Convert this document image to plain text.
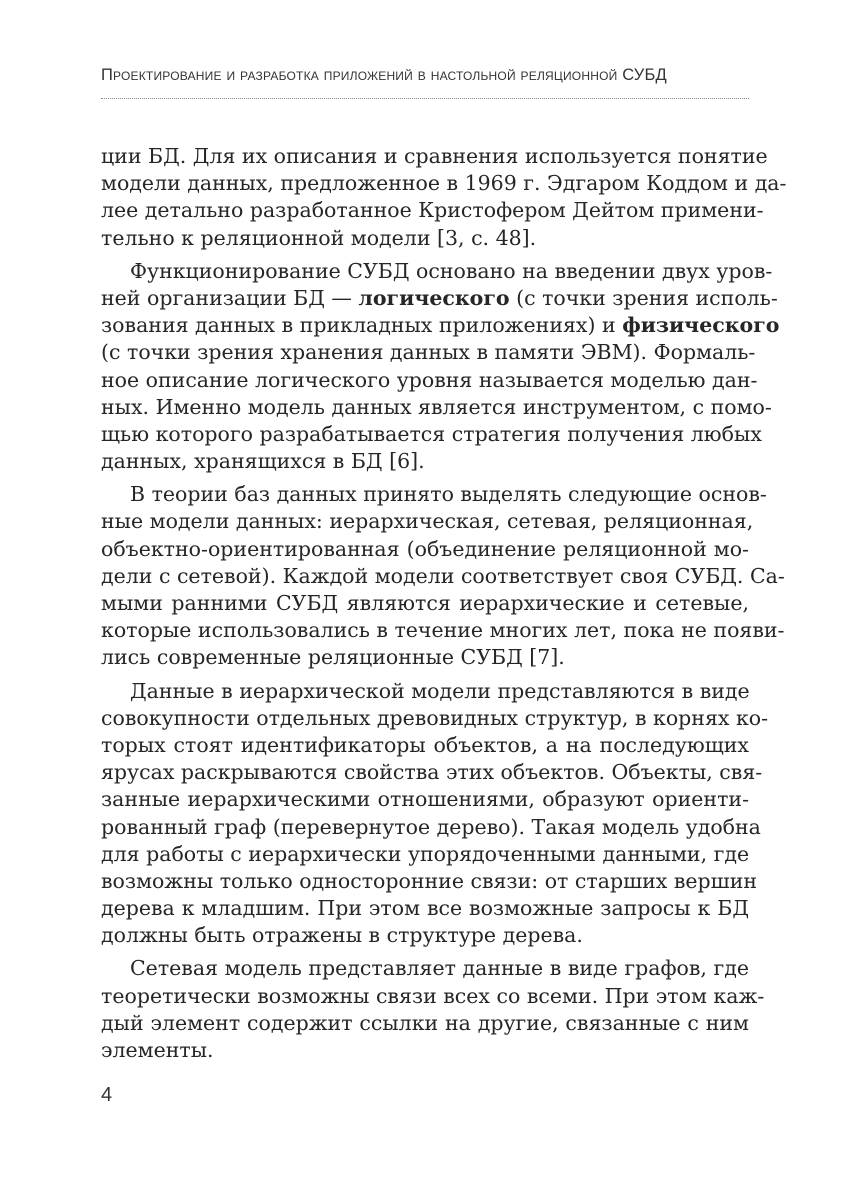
Проектирование и разработка приложений в настольной реляционной СУБД
ции БД. Для их описания и сравнения используется понятие
модели данных, предложенное в 1969 г. Эдгаром Коддом и да-
лее детально разработанное Кристофером Дейтом примени-
тельно к реляционной модели [3, с. 48].
Функционирование СУБД основано на введении двух уров-
ней организации БД — логического (с точки зрения исполь-
зования данных в прикладных приложениях) и физического
(с точки зрения хранения данных в памяти ЭВМ). Формаль-
ное описание логического уровня называется моделью дан-
ных. Именно модель данных является инструментом, с помо-
щью которого разрабатывается стратегия получения любых
данных, хранящихся в БД [6].
В теории баз данных принято выделять следующие основ-
ные модели данных: иерархическая, сетевая, реляционная,
объектно-ориентированная (объединение реляционной мо-
дели с сетевой). Каждой модели соответствует своя СУБД. Са-
мыми ранними СУБД являются иерархические и сетевые,
которые использовались в течение многих лет, пока не появи-
лись современные реляционные СУБД [7].
Данные в иерархической модели представляются в виде
совокупности отдельных древовидных структур, в корнях ко-
торых стоят идентификаторы объектов, а на последующих
ярусах раскрываются свойства этих объектов. Объекты, свя-
занные иерархическими отношениями, образуют ориенти-
рованный граф (перевернутое дерево). Такая модель удобна
для работы с иерархически упорядоченными данными, где
возможны только односторонние связи: от старших вершин
дерева к младшим. При этом все возможные запросы к БД
должны быть отражены в структуре дерева.
Сетевая модель представляет данные в виде графов, где
теоретически возможны связи всех со всеми. При этом каж-
дый элемент содержит ссылки на другие, связанные с ним
элементы.
4
